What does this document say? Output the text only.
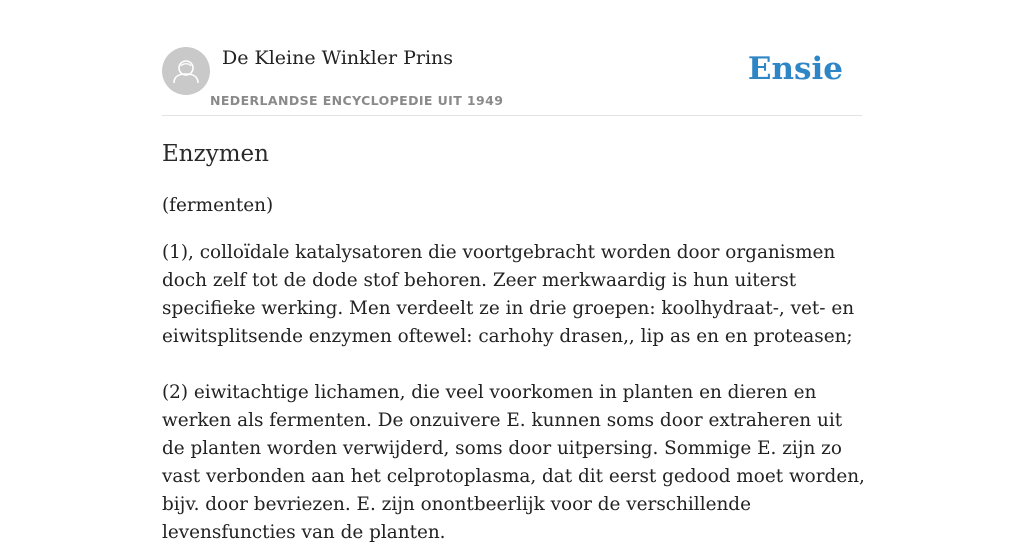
De Kleine Winkler Prins
NEDERLANDSE ENCYCLOPEDIE UIT 1949
Ensie
Enzymen

(fermenten)

(1), colloïdale katalysatoren die voortgebracht worden door organismen doch zelf tot de dode stof behoren. Zeer merkwaardig is hun uiterst specifieke werking. Men verdeelt ze in drie groepen: koolhydraat-, vet- en eiwitsplitsende enzymen oftewel: carhohy drasen,, lip as en en proteasen;

(2) eiwitachtige lichamen, die veel voorkomen in planten en dieren en werken als fermenten. De onzuivere E. kunnen soms door extraheren uit de planten worden verwijderd, soms door uitpersing. Sommige E. zijn zo vast verbonden aan het celprotoplasma, dat dit eerst gedood moet worden, bijv. door bevriezen. E. zijn onontbeerlijk voor de verschillende levensfuncties van de planten.
